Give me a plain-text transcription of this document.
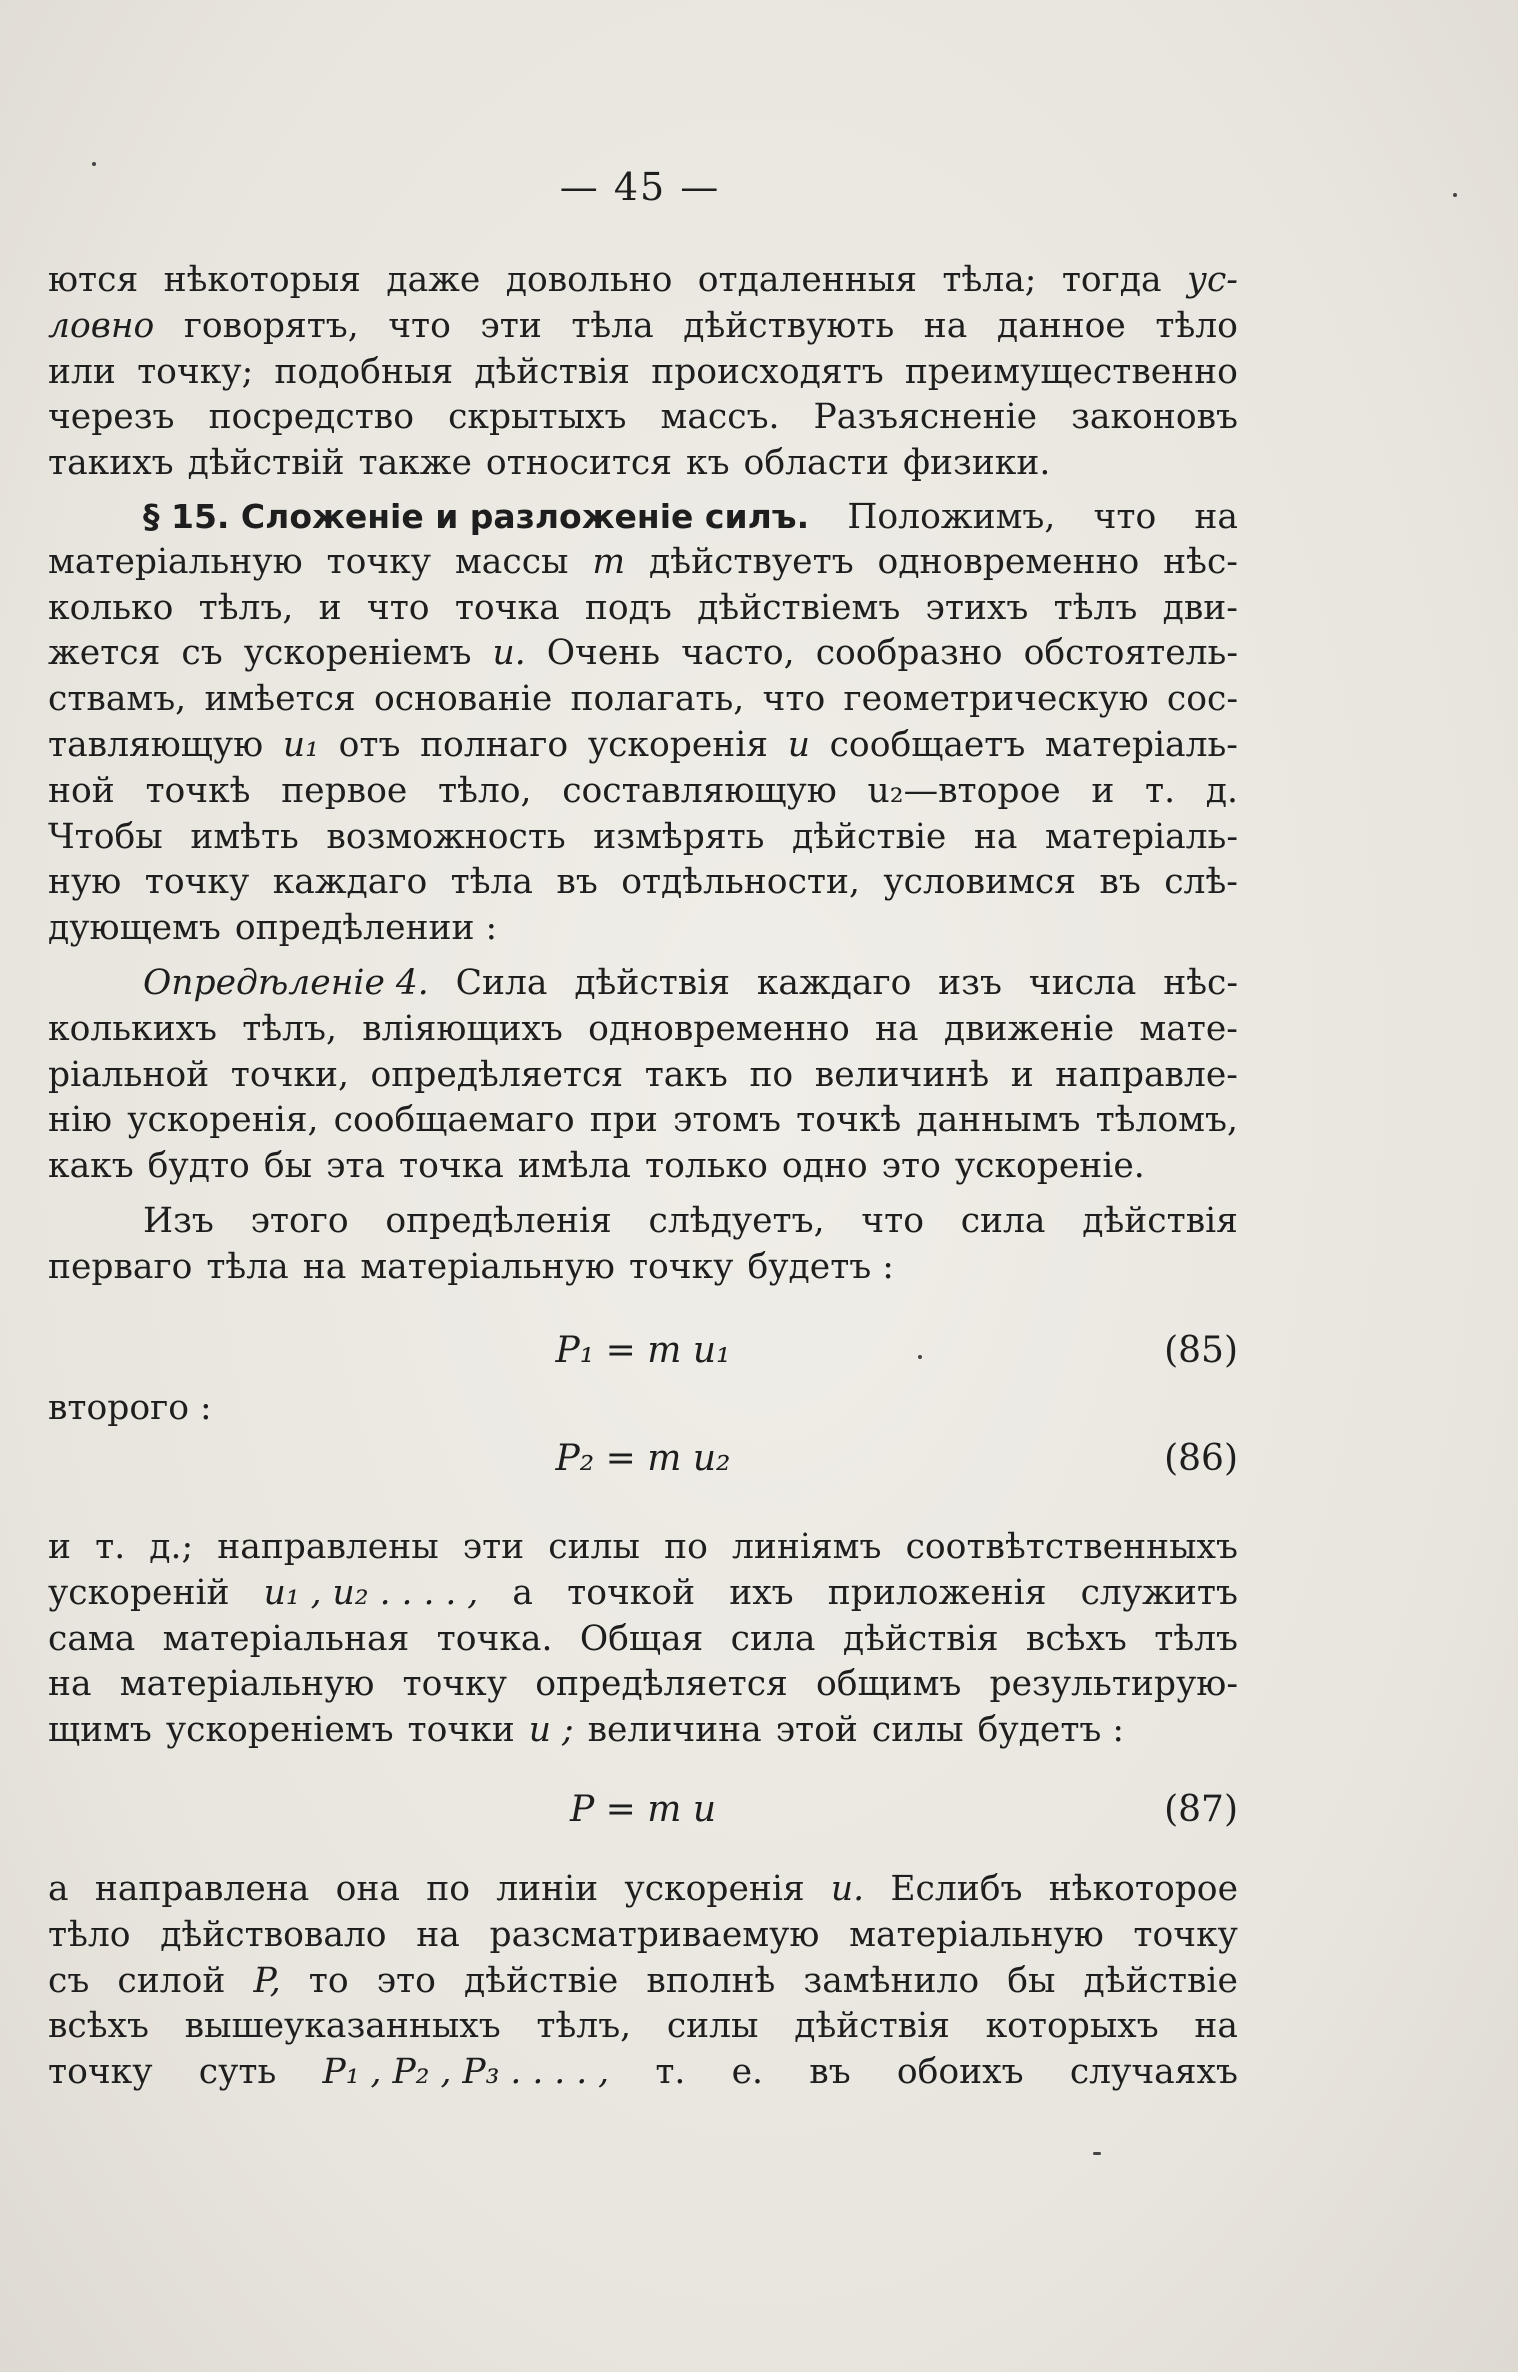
— 45 —
ются нѣкоторыя даже довольно отдаленныя тѣла; тогда ус-
ловно говорятъ, что эти тѣла дѣйствують на данное тѣло
или точку; подобныя дѣйствія происходятъ преимущественно
черезъ посредство скрытыхъ массъ. Разъясненіе законовъ
такихъ дѣйствій также относится къ области физики.
§ 15. Сложеніе и разложеніе силъ. Положимъ, что на
матеріальную точку массы m дѣйствуетъ одновременно нѣс-
колько тѣлъ, и что точка подъ дѣйствіемъ этихъ тѣлъ дви-
жется съ ускореніемъ u. Очень часто, сообразно обстоятель-
ствамъ, имѣется основаніе полагать, что геометрическую сос-
тавляющую u₁ отъ полнаго ускоренія u сообщаетъ матеріаль-
ной точкѣ первое тѣло, составляющую u₂—второе и т. д.
Чтобы имѣть возможность измѣрять дѣйствіе на матеріаль-
ную точку каждаго тѣла въ отдѣльности, условимся въ слѣ-
дующемъ опредѣлении :
Опредѣленіе 4. Сила дѣйствія каждаго изъ числа нѣс-
колькихъ тѣлъ, вліяющихъ одновременно на движеніе мате-
ріальной точки, опредѣляется такъ по величинѣ и направле-
нію ускоренія, сообщаемаго при этомъ точкѣ даннымъ тѣломъ,
какъ будто бы эта точка имѣла только одно это ускореніе.
Изъ этого опредѣленія слѣдуетъ, что сила дѣйствія
перваго тѣла на матеріальную точку будетъ :
P₁ = m u₁	(85)
второго :
P₂ = m u₂	(86)
и т. д.; направлены эти силы по линіямъ соотвѣтственныхъ
ускореній u₁ , u₂ . . . . , а точкой ихъ приложенія служитъ
сама матеріальная точка. Общая сила дѣйствія всѣхъ тѣлъ
на матеріальную точку опредѣляется общимъ результирую-
щимъ ускореніемъ точки u ; величина этой силы будетъ :
P = m u	(87)
а направлена она по линіи ускоренія u. Еслибъ нѣкоторое
тѣло дѣйствовало на разсматриваемую матеріальную точку
съ силой P, то это дѣйствіе вполнѣ замѣнило бы дѣйствіе
всѣхъ вышеуказанныхъ тѣлъ, силы дѣйствія которыхъ на
точку суть P₁ , P₂ , P₃ . . . . , т. е. въ обоихъ случаяхъ
